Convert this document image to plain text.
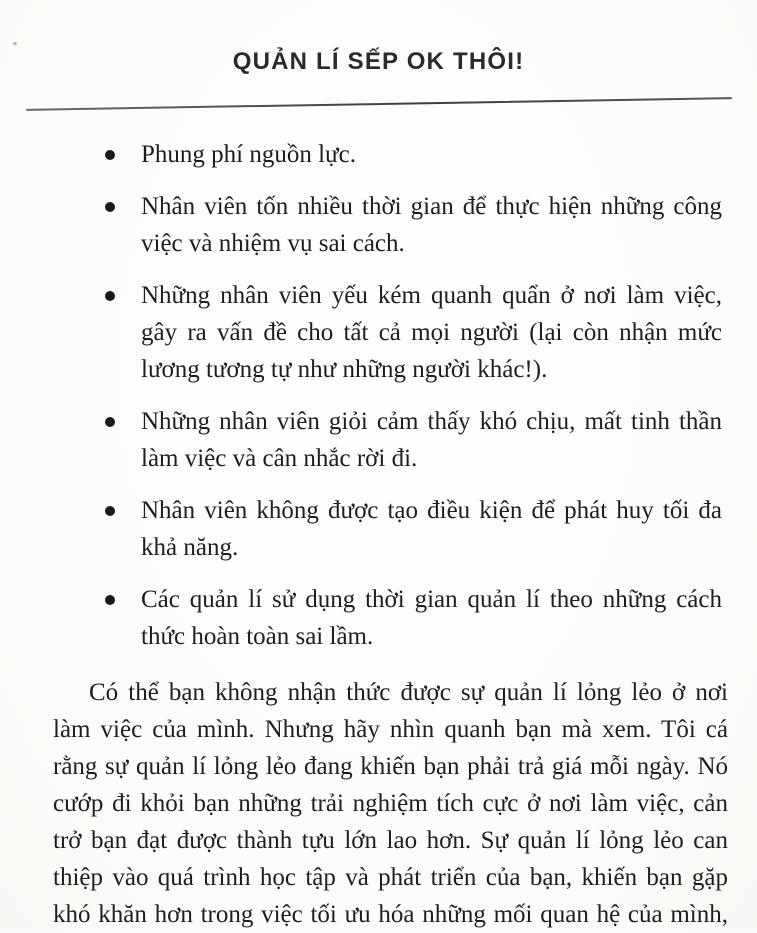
QUẢN LÍ SẾP OK THÔI!
Phung phí nguồn lực.
Nhân viên tốn nhiều thời gian để thực hiện những công
việc và nhiệm vụ sai cách.
Những nhân viên yếu kém quanh quẩn ở nơi làm việc,
gây ra vấn đề cho tất cả mọi người (lại còn nhận mức
lương tương tự như những người khác!).
Những nhân viên giỏi cảm thấy khó chịu, mất tinh thần
làm việc và cân nhắc rời đi.
Nhân viên không được tạo điều kiện để phát huy tối đa
khả năng.
Các quản lí sử dụng thời gian quản lí theo những cách
thức hoàn toàn sai lầm.
Có thể bạn không nhận thức được sự quản lí lỏng lẻo ở nơi
làm việc của mình. Nhưng hãy nhìn quanh bạn mà xem. Tôi cá
rằng sự quản lí lỏng lẻo đang khiến bạn phải trả giá mỗi ngày. Nó
cướp đi khỏi bạn những trải nghiệm tích cực ở nơi làm việc, cản
trở bạn đạt được thành tựu lớn lao hơn. Sự quản lí lỏng lẻo can
thiệp vào quá trình học tập và phát triển của bạn, khiến bạn gặp
khó khăn hơn trong việc tối ưu hóa những mối quan hệ của mình,
